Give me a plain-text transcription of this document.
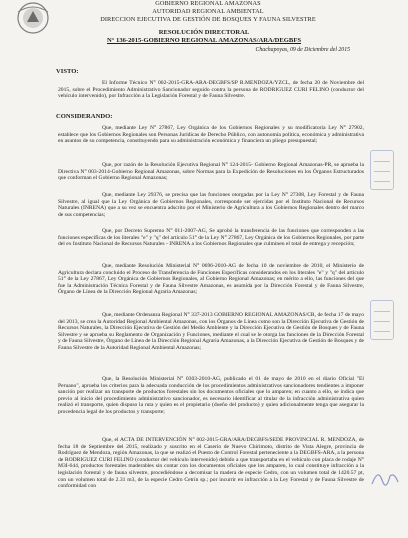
GOBIERNO REGIONAL AMAZONAS
AUTORIDAD REGIONAL AMBIENTAL
DIRECCION EJECUTIVA DE GESTIÓN DE BOSQUES Y FAUNA SILVESTRE
RESOLUCIÓN DIRECTORAL
N° 136-2015-GOBIERNO REGIONAL AMAZONAS/ARA/DEGBFS
Chachapoyas, 09 de Diciembre del 2015
VISTO:
El Informe Técnico N° 002-2015-GRA-ARA-DEGBFS/SP R.MENDOZA/YZCL, de fecha 20 de Noviembre del 2015, sobre el Procedimiento Administrativo Sancionador seguido contra la persona de RODRIGUEZ CURI FELINO (conductor del vehículo intervenido), por Infracción a la Legislación Forestal y de Fauna Silvestre.
CONSIDERANDO:
Que, mediante Ley N° 27867, Ley Orgánica de los Gobiernos Regionales y su modificatoria Ley N° 27902, establece que los Gobiernos Regionales son Personas Jurídicas de Derecho Público, con autonomía política, económica y administrativa en asuntos de su competencia, constituyendo para su administración económica y financiera un pliego presupuestal;
Que, por razón de la Resolución Ejecutiva Regional N° 124-2015- Gobierno Regional Amazonas-PR, se aprueba la Directiva N° 003-2014-Gobierno Regional Amazonas, sobre Normas para la Expedición de Resoluciones en los Órganos Estructurados que conforman el Gobierno Regional Amazonas;
Que, mediante Ley 29376, se precisa que las funciones otorgadas por la Ley N° 27308, Ley Forestal y de Fauna Silvestre, al igual que la Ley Orgánica de Gobiernos Regionales, corresponde ser ejercidas por el Instituto Nacional de Recursos Naturales (INRENA) que a su vez se encuentra adscrito por el Ministerio de Agricultura a los Gobiernos Regionales dentro del marco de sus competencias;
Que, por Decreto Supremo N° 011-2007-AG, Se aprobó la transferencia de las funciones que corresponden a las funciones específicas de los literales "e" y "q" del artículo 51° de la Ley N° 27867, Ley Orgánica de los Gobiernos Regionales, por parte del ex Instituto Nacional de Recursos Naturales - INRENA a los Gobiernos Regionales que culminen el total de entrega y recepción;
Que, mediante Resolución Ministerial N° 0696-2010-AG de fecha 10 de noviembre de 2010, el Ministerio de Agricultura declara concluido el Proceso de Transferencia de Funciones Específicas considerandos en los literales "e" y "q" del artículo 51° de la Ley 27867, Ley Orgánica de Gobiernos Regionales, al Gobierno Regional Amazonas; en mérito a ello, las funciones del que fue la Administración Técnica Forestal y de Fauna Silvestre Amazonas, es asumida por la Dirección Forestal y de Fauna Silvestre, Órgano de Línea de la Dirección Regional Agraria Amazonas;
Que, mediante Ordenanza Regional N° 337-2013 GOBIERNO REGIONAL AMAZONAS/CR, de fecha 17 de mayo del 2013, se crea la Autoridad Regional Ambiental Amazonas, con los Órganos de Línea como son la Dirección Ejecutiva de Gestión de Recursos Naturales, la Dirección Ejecutiva de Gestión del Medio Ambiente y la Dirección Ejecutiva de Gestión de Bosques y de Fauna Silvestre y se aprueba su Reglamento de Organización y Funciones, mediante el cual se le otorga las funciones de la Dirección Forestal y de Fauna Silvestre, Órgano de Línea de la Dirección Regional Agraria Amazonas, a la Dirección Ejecutiva de Gestión de Bosques y de Fauna Silvestre de la Autoridad Regional Ambiental Amazonas;
Que, la Resolución Ministerial N° 0303-2010-AG, publicado el 01 de mayo de 2010 en el diario Oficial "El Peruano", aprueba los criterios para la adecuada conducción de los procedimientos administrativos sancionadores tendientes a imponer sanción por realizar un transporte de productos forestales sin los documentos oficiales que lo amparen; en cuanto a ello, se indica que previo al inicio del procedimiento administrativo sancionador, es necesario identificar al titular de la infracción administrativa quien realizó el transporte, quien dispuso la ruta y quien es el propietario (dueño del producto) y quien adicionalmente tenga que asegurar la procedencia legal de los productos y transporte;
Que, el ACTA DE INTERVENCIÓN N° 002-2015-GRA/ARA/DEGBFS/SEDE PROVINCIAL R. MENDOZA, de fecha 18 de Septiembre del 2015, realizado y suscrito en el Caserío de Nuevo Chirimoto, distrito de Vista Alegre, provincia de Rodríguez de Mendoza, región Amazonas, la que se realizó el Puesto de Control Forestal perteneciente a la DEGBFS-ARA, a la persona de RODRIGUEZ CURI FELINO (conductor del vehículo intervenido) debido a que transportaba en el vehículo con placa de rodaje N° M3I-644, productos forestales maderables sin contar con los documentos oficiales que los amparen, lo cual constituye infracción a la legislación forestal y de fauna silvestre, procediéndose a decomisar la madera de especie Cedro, con un volumen total de 1420.57 pt, con un volumen total de 2.31 m3, de la especie Cedro Cetrín sp.; por incurrir en infracción a la Ley Forestal y de Fauna Silvestre de conformidad con
